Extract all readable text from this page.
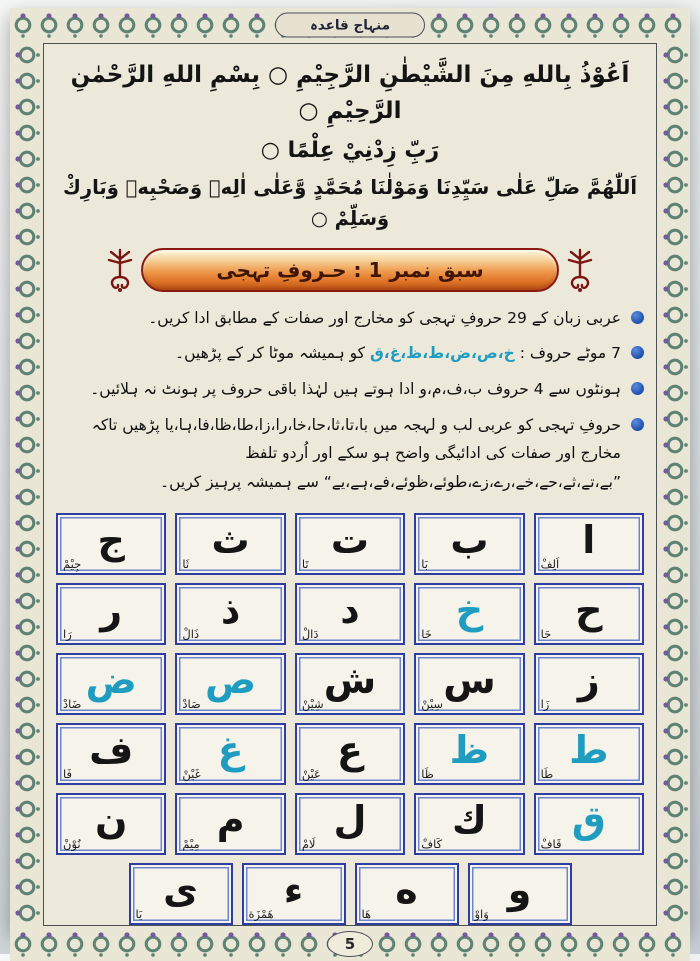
منہاج قاعدہ
اَعُوْذُ بِاللهِ مِنَ الشَّيْطٰنِ الرَّجِيْمِ ○ بِسْمِ اللهِ الرَّحْمٰنِ الرَّحِيْمِ ○
رَبِّ زِدْنِيْ عِلْمًا ○
اَللّٰهُمَّ صَلِّ عَلٰى سَيِّدِنَا وَمَوْلٰنَا مُحَمَّدٍ وَّعَلٰى اٰلِهٖ وَصَحْبِهٖ وَبَارِكْ وَسَلِّمْ ○
سبق نمبر 1 : حـروفِ تہجی

عربی زبان کے 29 حروفِ تہجی کو مخارج اور صفات کے مطابق ادا کریں۔

7 موٹے حروف : خ،ص،ض،ط،ظ،غ،ق کو ہمیشہ موٹا کر کے پڑھیں۔

ہونٹوں سے 4 حروف ب،ف،م،و ادا ہوتے ہیں لہٰذا باقی حروف پر ہونٹ نہ ہلائیں۔

حروفِ تہجی کو عربی لب و لہجہ میں با،تا،ثا،حا،خا،را،زا،طا،ظا،فا،ہا،یا پڑھیں تاکہ مخارج اور صفات کی ادائیگی واضح ہو سکے اور اُردو تلفظ ”بے،تے،ثے،حے،خے،رے،زے،طوئے،ظوئے،فے،ہے،یے“ سے ہمیشہ پرہیز کریں۔

ا
اَلِفْ
ب
بَا
ت
تَا
ث
ثَا
ج
جِيْمْ
ح
حَا
خ
خَا
د
دَالْ
ذ
ذَالْ
ر
رَا
ز
زَا
س
سِيْنْ
ش
شِيْنْ
ص
صَادْ
ض
ضَادْ
ط
طَا
ظ
ظَا
ع
عَيْنْ
غ
غَيْنْ
ف
فَا
ق
قَافْ
ك
كَافْ
ل
لَامْ
م
مِيْمْ
ن
نُوْنْ
و
وَاوْ
ه
هَا
ء
هَمْزَة
ى
يَا
5
